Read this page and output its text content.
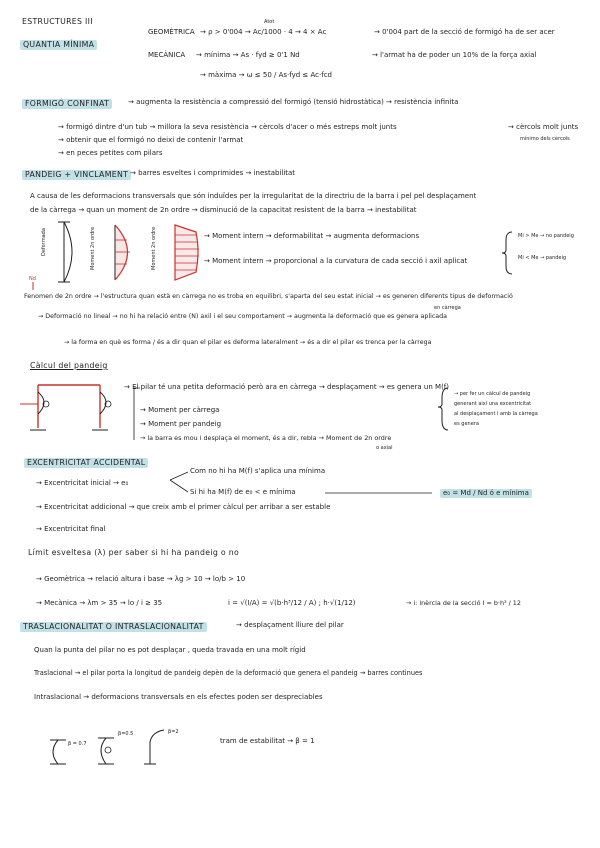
ESTRUCTURES III
QUANTIA MÍNIMA
GEOMÈTRICA
Atot
→ ρ > 0'004 → Ac/1000 · 4 → 4 × Ac	→ 0'004 part de la secció de formigó ha de ser acer
MECÀNICA → mínima → As · fyd ≥ 0'1 Nd	→ l'armat ha de poder un 10% de la força axial
→ màxima → ω ≤ 50 / As·fyd ≤ Ac·fcd
FORMIGÓ CONFINAT	→ augmenta la resistència a compressió del formigó (tensió hidrostàtica) → resistència infinita
→ formigó dintre d'un tub → millora la seva resistència → cèrcols d'acer o més estreps molt junts	→ cèrcols molt junts
→ obtenir que el formigó no deixi de contenir l'armat	mínimo dels cèrcols
→ en peces petites com pilars
PANDEIG + VINCLAMENT → barres esveltes i comprimides → inestabilitat
A causa de les deformacions transversals que són induïdes per la irregularitat de la directriu de la barra i pel pel desplaçament
de la càrrega → quan un moment de 2n ordre → disminució de la capacitat resistent de la barra → inestabilitat
Nd
Deformada	Moment 2n ordre	Moment 2n ordre	→ Moment intern → deformabilitat → augmenta deformacions
→ Moment intern → proporcional a la curvatura de cada secció i axil aplicat
Mi > Me → no pandeig
Mi < Me → pandeig
Fenomen de 2n ordre → l'estructura quan està en càrrega no es troba en equilibri, s'aparta del seu estat inicial → es generen diferents tipus de deformació
en càrrega
→ Deformació no lineal → no hi ha relació entre (N) axil i el seu comportament → augmenta la deformació que es genera aplicada
→ la forma en què es forma / és a dir quan el pilar es deforma lateralment → és a dir el pilar es trenca per la càrrega
Càlcul del pandeig
→ El pilar té una petita deformació però ara en càrrega → desplaçament → es genera un M(f)
→ Moment per càrrega
→ Moment per pandeig
→ la barra es mou i desplaça el moment, és a dir, rebla → Moment de 2n ordre
o axial
→ per fer un càlcul de pandeig
generant així una excentricitat
al desplaçament i amb la càrrega
es genera
EXCENTRICITAT ACCIDENTAL
→ Excentricitat inicial → e₀
Com no hi ha M(f) s'aplica una mínima
Si hi ha M(f) de e₀ < e mínima	e₀ = Md / Nd ó e mínima
→ Excentricitat addicional → que creix amb el primer càlcul per arribar a ser estable
→ Excentricitat final
Límit esveltesa (λ) per saber si hi ha pandeig o no
→ Geomètrica → relació altura i base → λg > 10 → lo/b > 10
→ Mecànica → λm > 35 → lo / i ≥ 35	i = √(I/A) = √(b·h³/12 / A) ; h·√(1/12)	→ i: inèrcia de la secció I = b·h³ / 12
TRASLACIONALITAT O INTRASLACIONALITAT	→ desplaçament lliure del pilar
Quan la punta del pilar no es pot desplaçar , queda travada en una molt rígid
Traslacional → el pilar porta la longitud de pandeig depèn de la deformació que genera el pandeig → barres continues
Intraslacional → deformacions transversals en els efectes poden ser despreciables
β = 0.7
β=0.5	β=2
tram de estabilitat → β = 1
